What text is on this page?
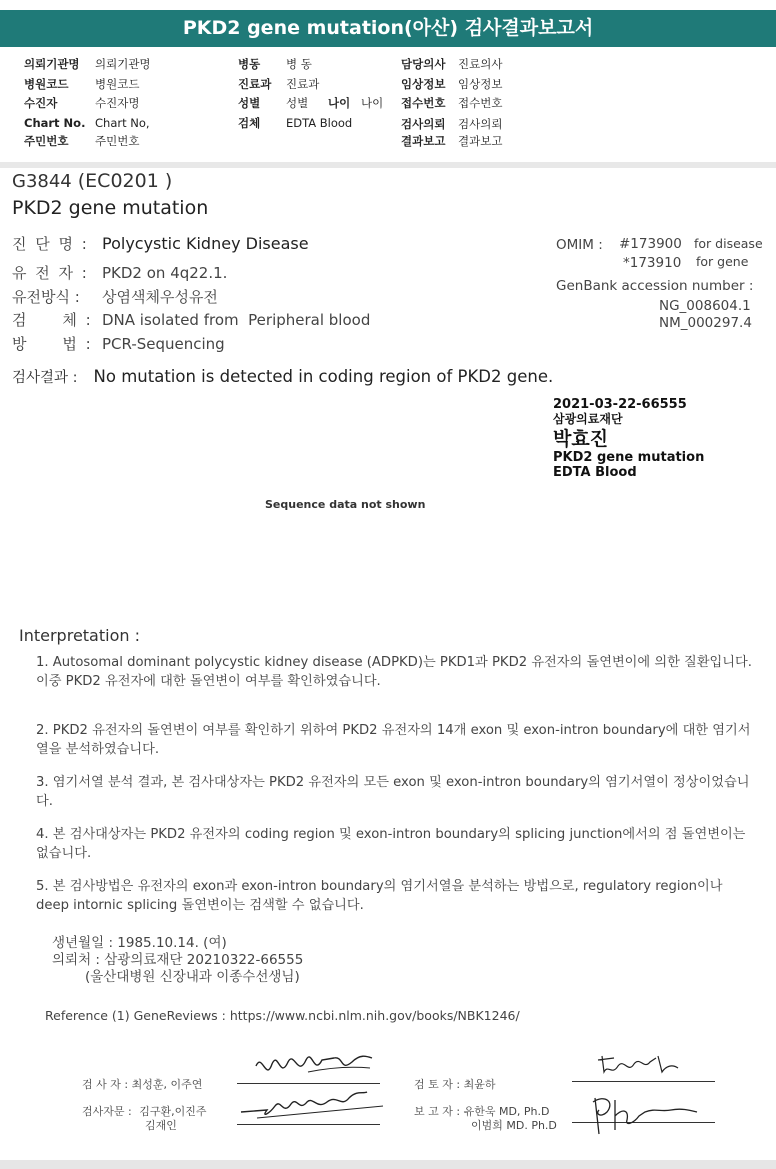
PKD2 gene mutation(아산) 검사결과보고서
의뢰기관명 의뢰기관명
병원코드 병원코드
수진자	수진자명
Chart No. Chart No,
주민번호 주민번호
병동 병 동
진료과 진료과
성별 성별 나이 나이
검체 EDTA Blood
담당의사 진료의사
임상정보 임상정보
접수번호 접수번호
검사의뢰 검사의뢰
결과보고 결과보고
G3844 (EC0201 )
PKD2 gene mutation
진 단 명 : Polycystic Kidney Disease
유 전 자 : PKD2 on 4q22.1.
유전방식 : 상염색체우성유전
검     체 : DNA isolated from  Peripheral blood
방     법 : PCR-Sequencing
OMIM : #173900 for disease
*173910 for gene
GenBank accession number :
NG_008604.1
NM_000297.4
검사결과 : No mutation is detected in coding region of PKD2 gene.
2021-03-22-66555
삼광의료재단
박효진
PKD2 gene mutation
EDTA Blood
Sequence data not shown
Interpretation :
1. Autosomal dominant polycystic kidney disease (ADPKD)는 PKD1과 PKD2 유전자의 돌연변이에 의한 질환입니다.
이중 PKD2 유전자에 대한 돌연변이 여부를 확인하였습니다.
2. PKD2 유전자의 돌연변이 여부를 확인하기 위하여 PKD2 유전자의 14개 exon 및 exon-intron boundary에 대한 염기서열을 분석하였습니다.
3. 염기서열 분석 결과, 본 검사대상자는 PKD2 유전자의 모든 exon 및 exon-intron boundary의 염기서열이 정상이었습니다.
4. 본 검사대상자는 PKD2 유전자의 coding region 및 exon-intron boundary의 splicing junction에서의 점 돌연변이는 없습니다.
5. 본 검사방법은 유전자의 exon과 exon-intron boundary의 염기서열을 분석하는 방법으로, regulatory region이나 deep intornic splicing 돌연변이는 검색할 수 없습니다.
생년월일 : 1985.10.14. (여)
의뢰처 : 삼광의료재단 20210322-66555
(울산대병원 신장내과 이종수선생님)
Reference (1) GeneReviews : https://www.ncbi.nlm.nih.gov/books/NBK1246/
검 사 자 : 최성훈, 이주연	검 토 자 : 최윤하
검사자문 : 김구환,이진주
김재인
보 고 자 : 유한욱 MD, Ph.D
이범희 MD. Ph.D
